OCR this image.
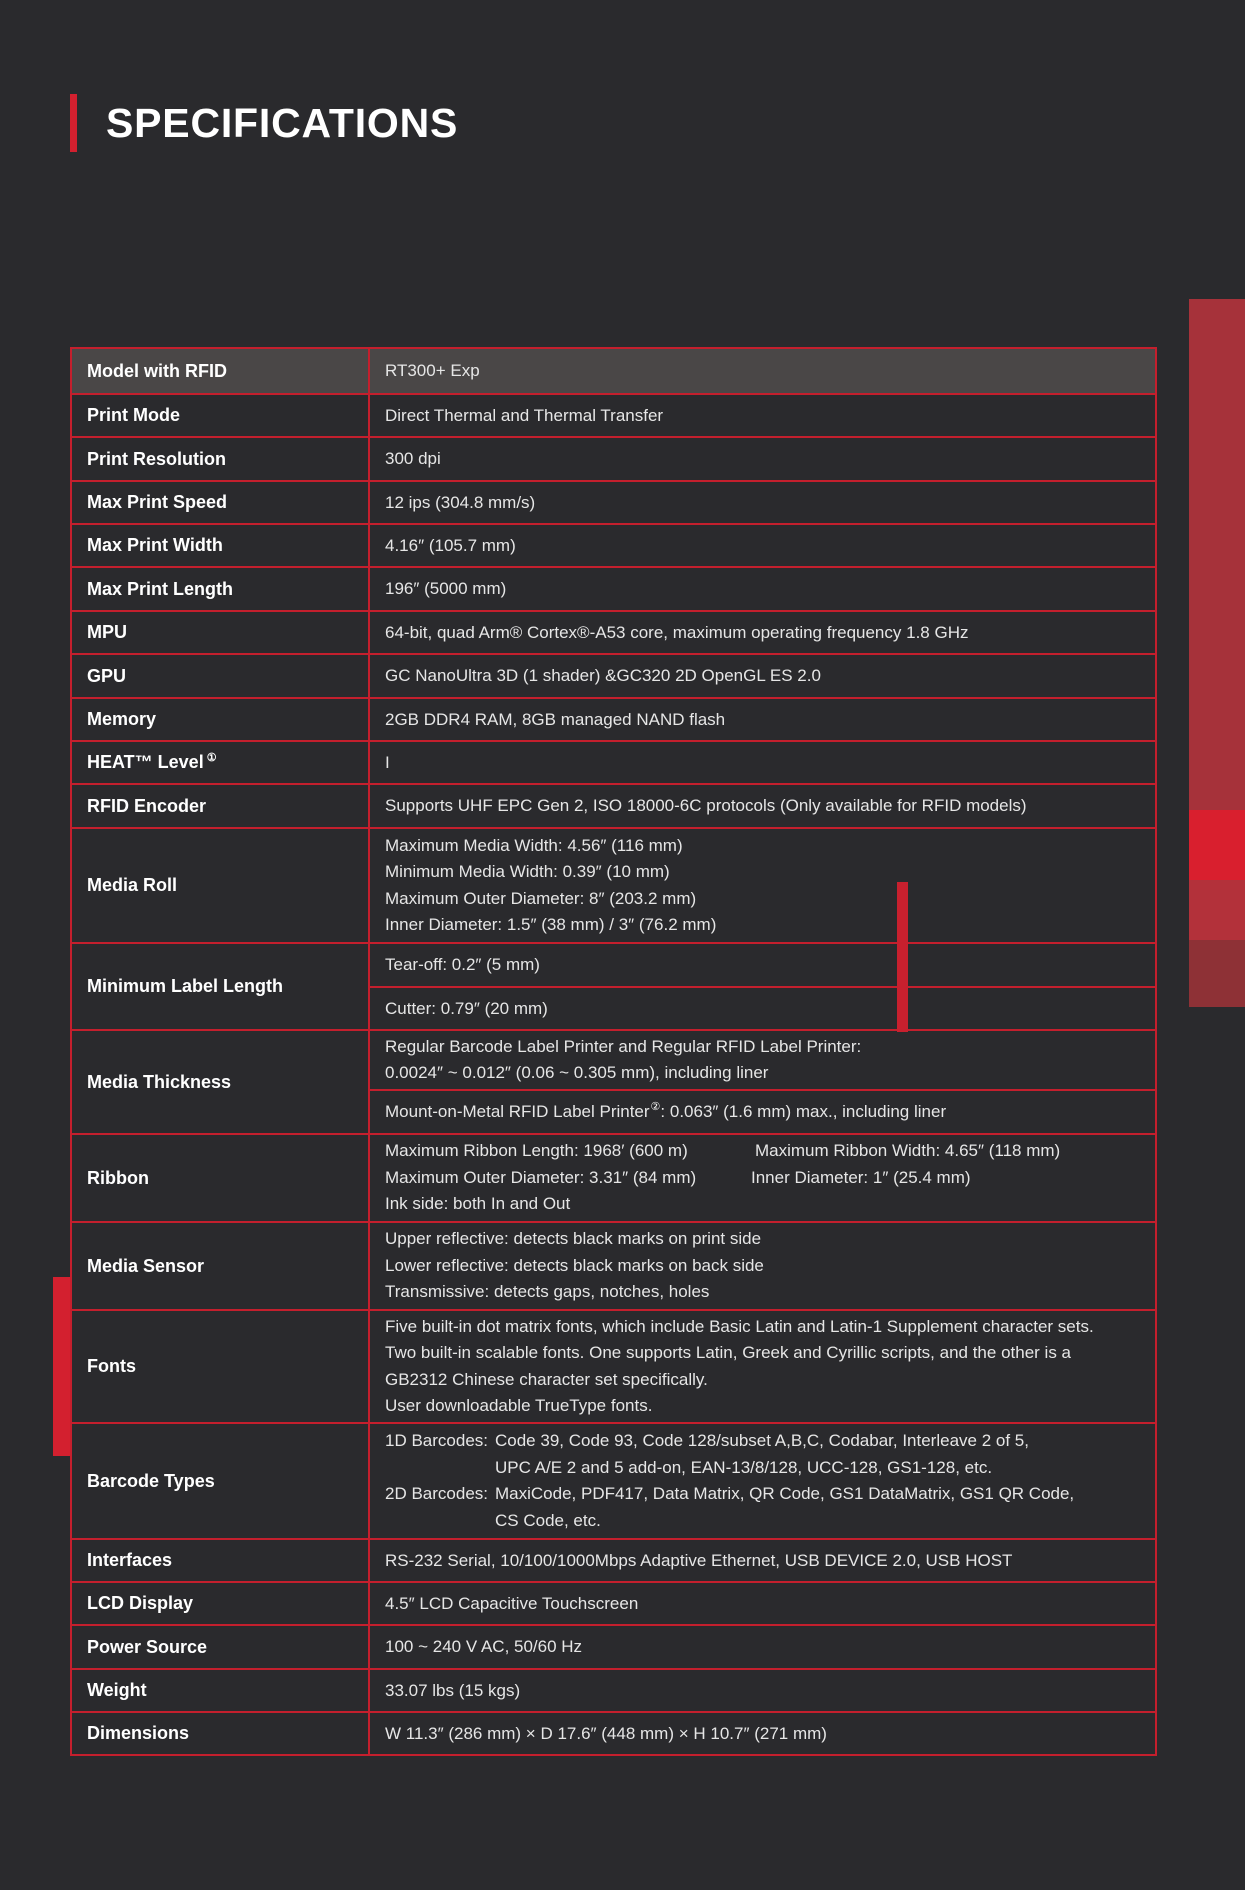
SPECIFICATIONS
Model with RFID	RT300+ Exp
Print Mode	Direct Thermal and Thermal Transfer
Print Resolution	300 dpi
Max Print Speed	12 ips (304.8 mm/s)
Max Print Width	4.16″ (105.7 mm)
Max Print Length	196″ (5000 mm)
MPU	64-bit, quad Arm® Cortex®-A53 core, maximum operating frequency 1.8 GHz
GPU	GC NanoUltra 3D (1 shader) &GC320 2D OpenGL ES 2.0
Memory	2GB DDR4 RAM, 8GB managed NAND flash
HEAT™ Level ①	I
RFID Encoder	Supports UHF EPC Gen 2, ISO 18000-6C protocols (Only available for RFID models)
Media Roll	Maximum Media Width: 4.56″ (116 mm)
Minimum Media Width: 0.39″ (10 mm)
Maximum Outer Diameter: 8″ (203.2 mm)
Inner Diameter: 1.5″ (38 mm) / 3″ (76.2 mm)

Minimum Label Length	Tear-off: 0.2″ (5 mm)
	Cutter: 0.79″ (20 mm)
Media Thickness	Regular Barcode Label Printer and Regular RFID Label Printer:
0.0024″ ~ 0.012″ (0.06 ~ 0.305 mm), including liner

	Mount-on-Metal RFID Label Printer②: 0.063″ (1.6 mm) max., including liner
Ribbon	Maximum Ribbon Length: 1968′ (600 m) Maximum Ribbon Width: 4.65″ (118 mm)
Maximum Outer Diameter: 3.31″ (84 mm) Inner Diameter: 1″ (25.4 mm)
Ink side: both In and Out

Media Sensor	Upper reflective: detects black marks on print side
Lower reflective: detects black marks on back side
Transmissive: detects gaps, notches, holes

Fonts	Five built-in dot matrix fonts, which include Basic Latin and Latin-1 Supplement character sets.
Two built-in scalable fonts. One supports Latin, Greek and Cyrillic scripts, and the other is a
GB2312 Chinese character set specifically.
User downloadable TrueType fonts.

Barcode Types	1D Barcodes: Code 39, Code 93, Code 128/subset A,B,C, Codabar, Interleave 2 of 5,
UPC A/E 2 and 5 add-on, EAN-13/8/128, UCC-128, GS1-128, etc.
2D Barcodes: MaxiCode, PDF417, Data Matrix, QR Code, GS1 DataMatrix, GS1 QR Code,
CS Code, etc.

Interfaces	RS-232 Serial, 10/100/1000Mbps Adaptive Ethernet, USB DEVICE 2.0, USB HOST
LCD Display	4.5″ LCD Capacitive Touchscreen
Power Source	100 ~ 240 V AC, 50/60 Hz
Weight	33.07 lbs (15 kgs)
Dimensions	W 11.3″ (286 mm) × D 17.6″ (448 mm) × H 10.7″ (271 mm)
